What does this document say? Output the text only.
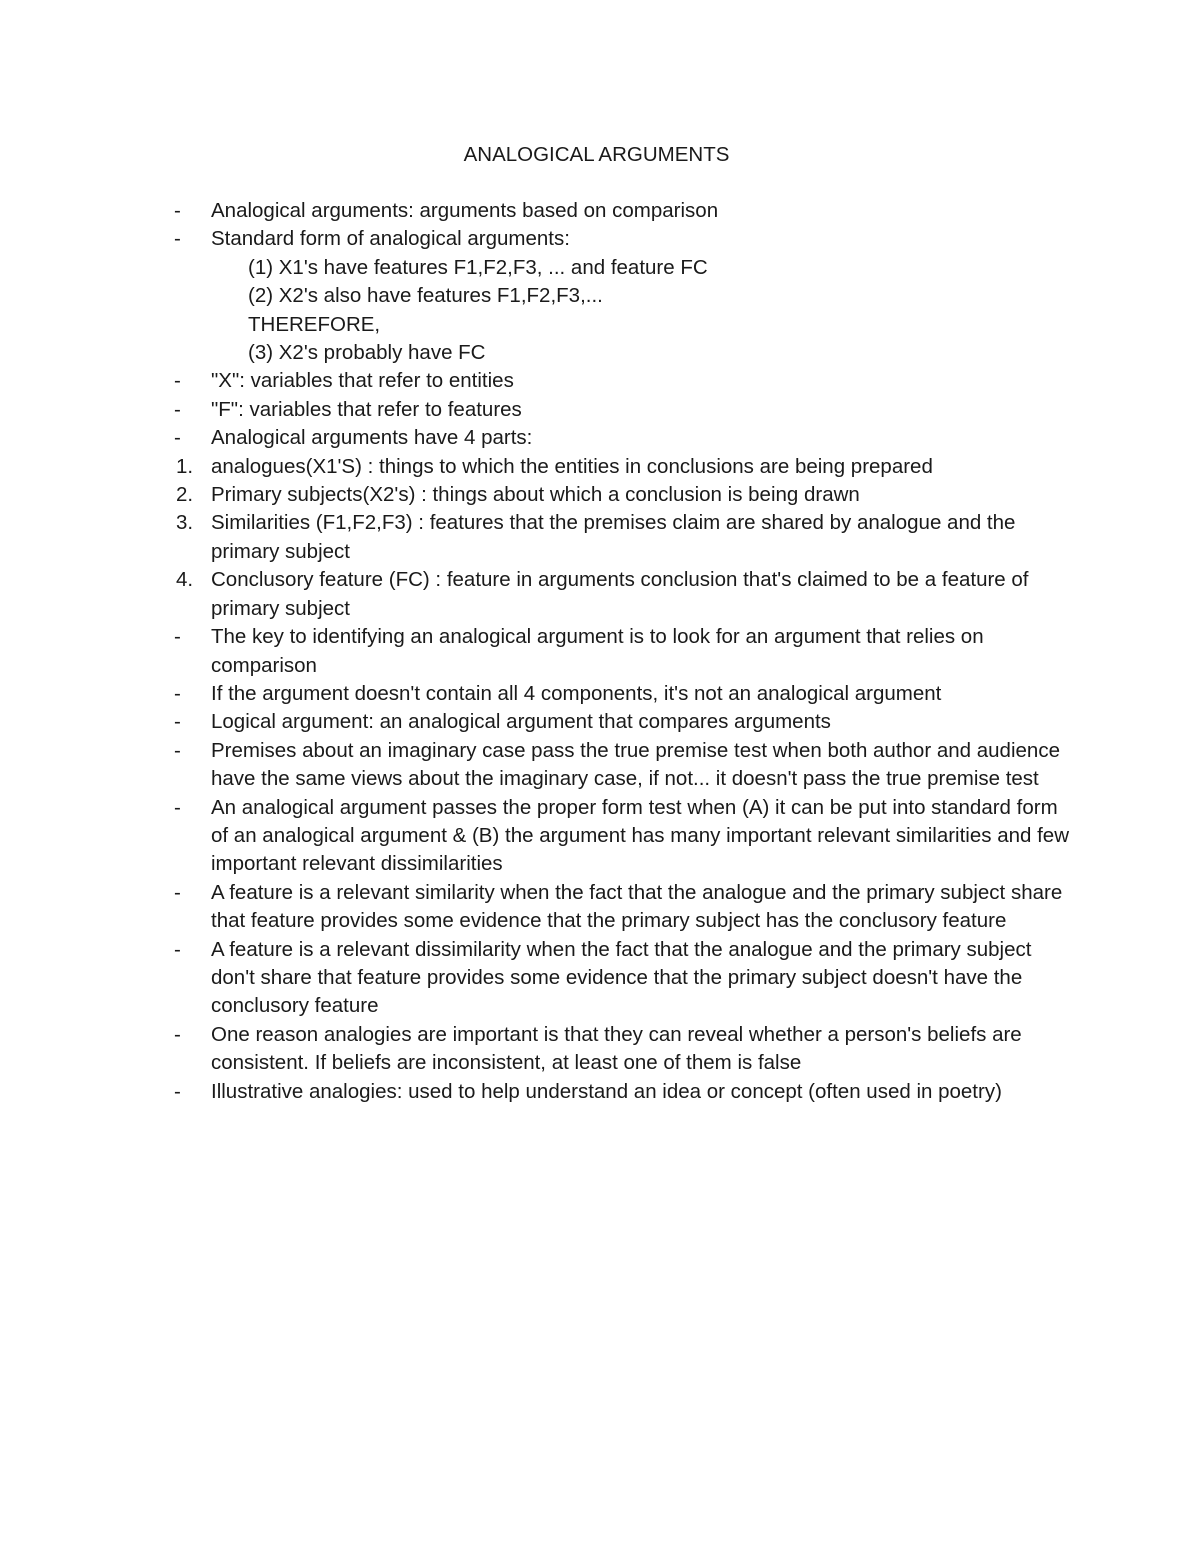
ANALOGICAL ARGUMENTS
- Analogical arguments: arguments based on comparison
- Standard form of analogical arguments:
(1) X1's have features F1,F2,F3, ... and feature FC
(2) X2's also have features F1,F2,F3,...
THEREFORE,
(3) X2's probably have FC
- "X": variables that refer to entities
- "F": variables that refer to features
- Analogical arguments have 4 parts:
1. analogues(X1'S) : things to which the entities in conclusions are being prepared
2. Primary subjects(X2's) : things about which a conclusion is being drawn
3. Similarities (F1,F2,F3) : features that the premises claim are shared by analogue and the primary subject
4. Conclusory feature (FC) : feature in arguments conclusion that's claimed to be a feature of primary subject
- The key to identifying an analogical argument is to look for an argument that relies on comparison
- If the argument doesn't contain all 4 components, it's not an analogical argument
- Logical argument: an analogical argument that compares arguments
- Premises about an imaginary case pass the true premise test when both author and audience have the same views about the imaginary case, if not... it doesn't pass the true premise test
- An analogical argument passes the proper form test when (A) it can be put into standard form of an analogical argument & (B) the argument has many important relevant similarities and few important relevant dissimilarities
- A feature is a relevant similarity when the fact that the analogue and the primary subject share that feature provides some evidence that the primary subject has the conclusory feature
- A feature is a relevant dissimilarity when the fact that the analogue and the primary subject don't share that feature provides some evidence that the primary subject doesn't have the conclusory feature
- One reason analogies are important is that they can reveal whether a person's beliefs are consistent. If beliefs are inconsistent, at least one of them is false
- Illustrative analogies: used to help understand an idea or concept (often used in poetry)
